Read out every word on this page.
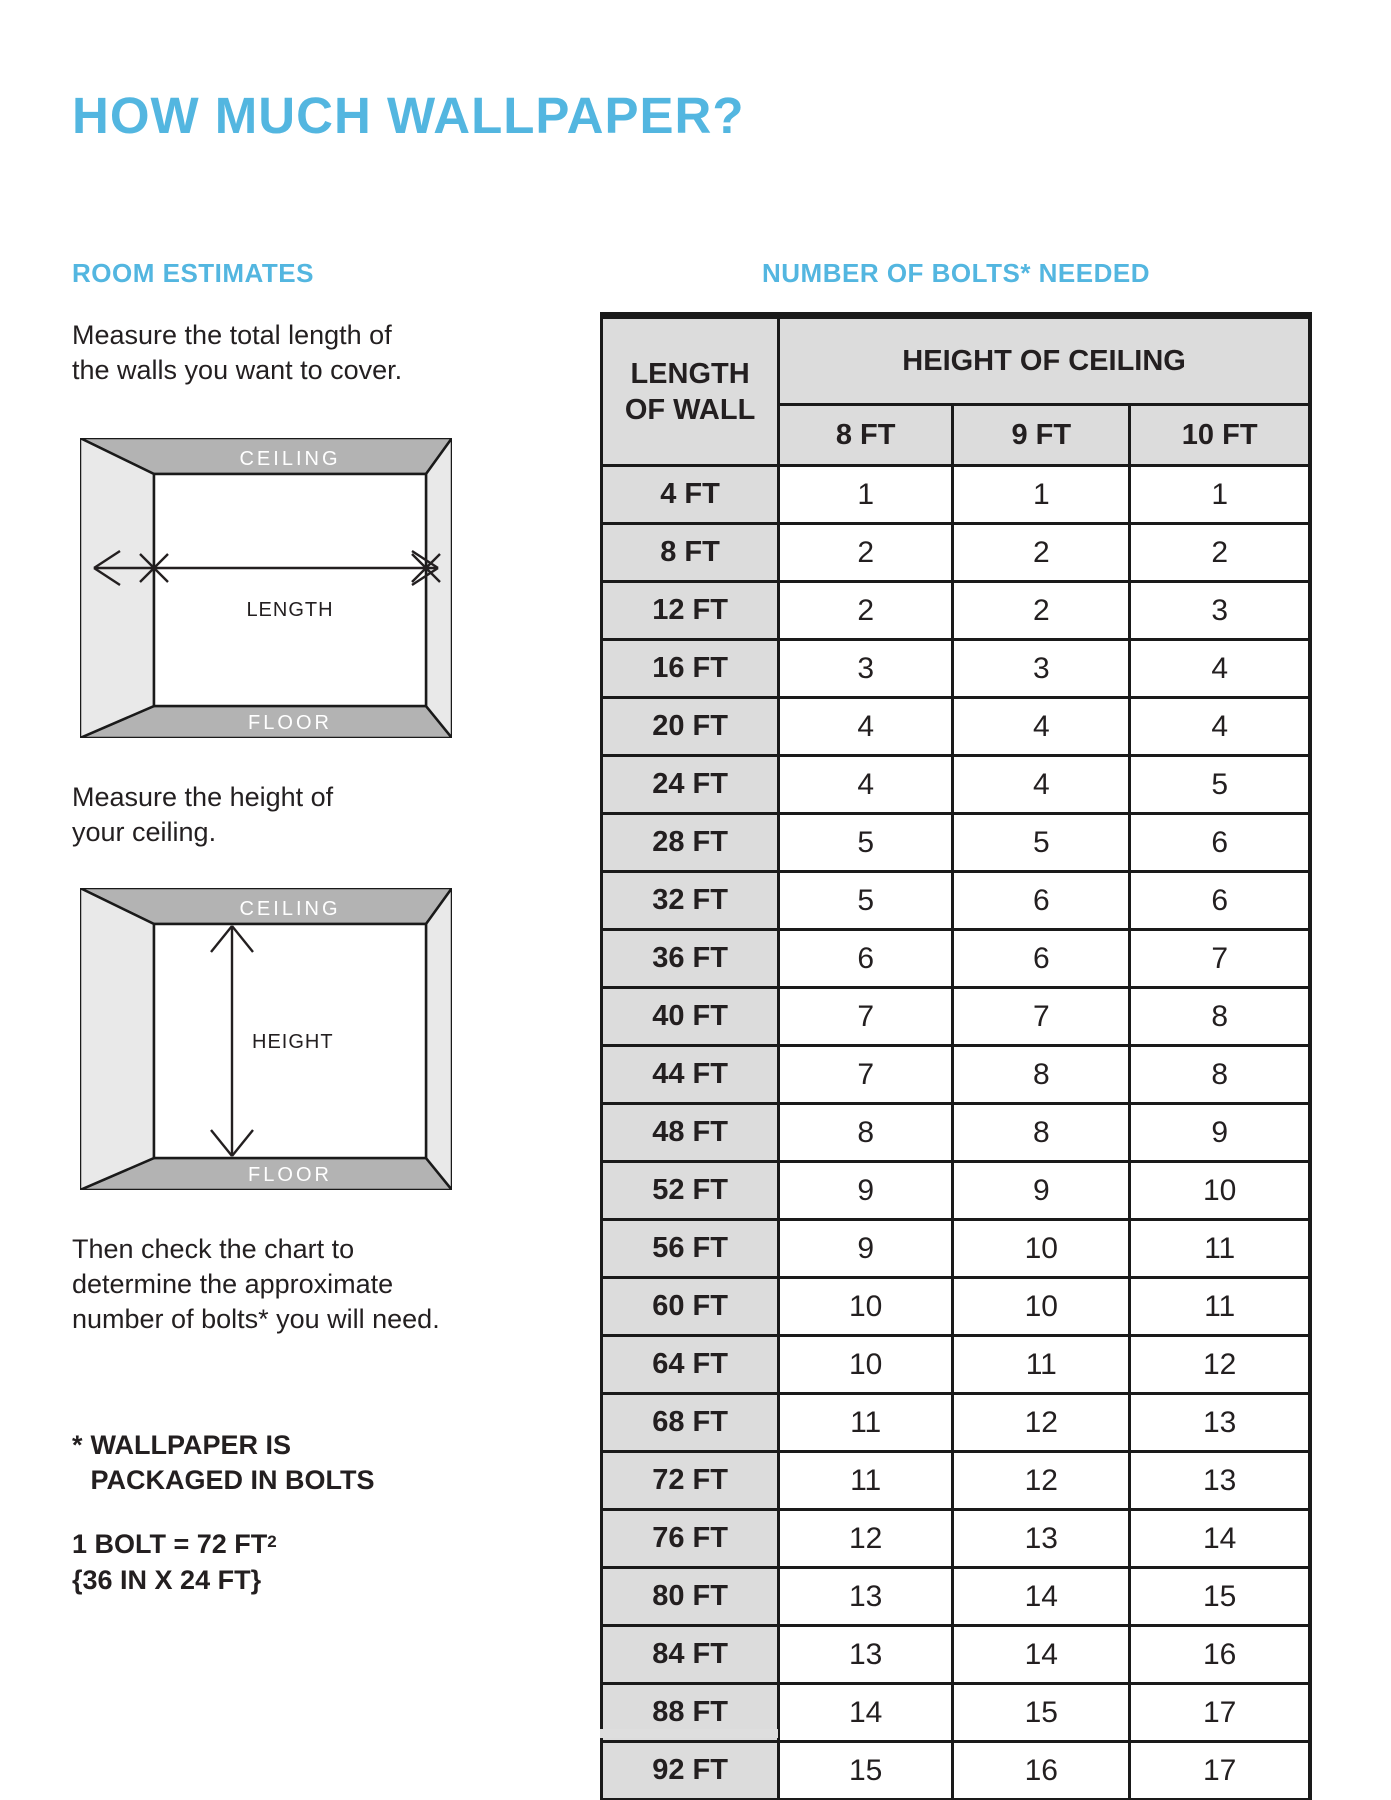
HOW MUCH WALLPAPER?
ROOM ESTIMATES
Measure the total length of
the walls you want to cover.
CEILING
FLOOR
LENGTH
Measure the height of
your ceiling.
CEILING
FLOOR
HEIGHT
Then check the chart to
determine the approximate
number of bolts* you will need.
* WALLPAPER IS
PACKAGED IN BOLTS
1 BOLT = 72 $FT^2$
{36 IN X 24 FT}
NUMBER OF BOLTS* NEEDED
LENGTH
OF WALL	HEIGHT OF CEILING		
	8 FT	9 FT	10 FT
4 FT	1	1	1
8 FT	2	2	2
12 FT	2	2	3
16 FT	3	3	4
20 FT	4	4	4
24 FT	4	4	5
28 FT	5	5	6
32 FT	5	6	6
36 FT	6	6	7
40 FT	7	7	8
44 FT	7	8	8
48 FT	8	8	9
52 FT	9	9	10
56 FT	9	10	11
60 FT	10	10	11
64 FT	10	11	12
68 FT	11	12	13
72 FT	11	12	13
76 FT	12	13	14
80 FT	13	14	15
84 FT	13	14	16
88 FT	14	15	17
92 FT	15	16	17
